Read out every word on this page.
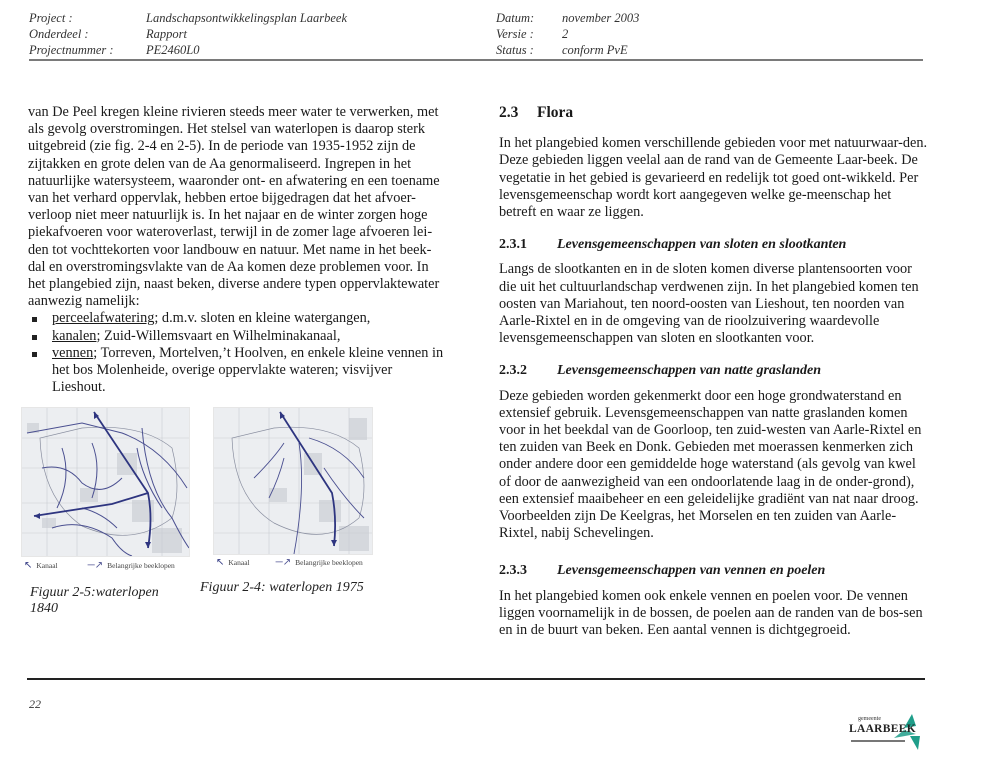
Project :	Landschapsontwikkelingsplan Laarbeek
Onderdeel :	Rapport
Projectnummer :	PE2460L0
Datum:	november 2003
Versie :	2
Status :	conform PvE

van De Peel kregen kleine rivieren steeds meer water te verwerken, met als gevolg overstromingen. Het stelsel van waterlopen is daarop sterk uitgebreid (zie fig. 2-4 en 2-5). In de periode van 1935-1952 zijn de zijtakken en grote delen van de Aa genormaliseerd. Ingrepen in het natuurlijke watersysteem, waaronder ont- en afwatering en een toename van het verhard oppervlak, hebben ertoe bijgedragen dat het afvoer-verloop niet meer natuurlijk is. In het najaar en de winter zorgen hoge piekafvoeren voor wateroverlast, terwijl in de zomer lage afvoeren lei-den tot vochttekorten voor landbouw en natuur. Met name in het beek-dal en overstromingsvlakte van de Aa komen deze problemen voor. In het plangebied zijn, naast beken, diverse andere typen oppervlaktewater aanwezig namelijk:

perceelafwatering; d.m.v. sloten en kleine watergangen,
kanalen; Zuid-Willemsvaart en Wilhelminakanaal,
vennen; Torreven, Mortelven,’t Hoolven, en enkele kleine vennen in het bos Molenheide, overige oppervlakte wateren; visvijver Lieshout.
↖ Kanaal	─↗ Belangrijke beeklopen
Figuur 2-5:waterlopen 1840
↖ Kanaal	─↗ Belangrijke beeklopen
Figuur 2-4: waterlopen 1975
2.3	Flora

In het plangebied komen verschillende gebieden voor met natuurwaar-den. Deze gebieden liggen veelal aan de rand van de Gemeente Laar-beek. De vegetatie in het gebied is gevarieerd en redelijk tot goed ont-wikkeld. Per levensgemeenschap wordt kort aangegeven welke ge-meenschap het betreft en waar ze liggen.

2.3.1	Levensgemeenschappen van sloten en slootkanten

Langs de slootkanten en in de sloten komen diverse plantensoorten voor die uit het cultuurlandschap verdwenen zijn. In het plangebied komen ten oosten van Mariahout, ten noord-oosten van Lieshout, ten noorden van Aarle-Rixtel en in de omgeving van de rioolzuivering waardevolle levensgemeenschappen van sloten en slootkanten voor.

2.3.2	Levensgemeenschappen van natte graslanden

Deze gebieden worden gekenmerkt door een hoge grondwaterstand en extensief gebruik. Levensgemeenschappen van natte graslanden komen voor in het beekdal van de Goorloop, ten zuid-westen van Aarle-Rixtel en ten zuiden van Beek en Donk. Gebieden met moerassen kenmerken zich onder andere door een gemiddelde hoge waterstand (als gevolg van kwel of door de aanwezigheid van een ondoorlatende laag in de onder-grond), een extensief maaibeheer en een geleidelijke gradiënt van nat naar droog. Voorbeelden zijn De Keelgras, het Morselen en ten zuiden van Aarle-Rixtel, nabij Schevelingen.

2.3.3	Levensgemeenschappen van vennen en poelen

In het plangebied komen ook enkele vennen en poelen voor. De vennen liggen voornamelijk in de bossen, de poelen aan de randen van de bos-sen en in de buurt van beken. Een aantal vennen is dichtgegroeid.

22
gemeente
LAARBEEK
